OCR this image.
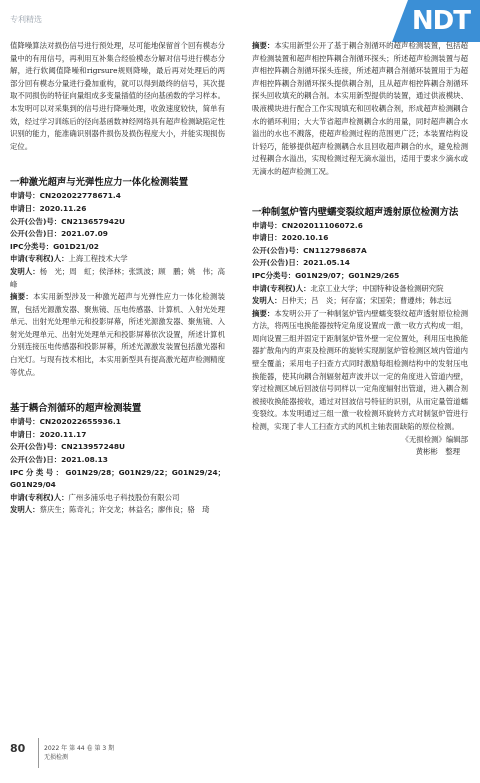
专利精选	NDT

值降噪算法对损伤信号进行预处理，尽可能地保留首个回有模态分量中的有用信号，再利用互补集合经验模态分解对信号进行模态分解，进行软阈值降噪和rigrsure规则降噪，最后再对处理后的两部分回有模态分量进行叠加重构，就可以得到最终的信号，其次提取不同损伤的特征向量组成多变量插值的径向基函数的学习样本。本发明可以对采集到的信号进行降噪处理，收敛速度较快，简单有效，经过学习训练后的径向基函数神经网络具有超声检测缺陷定性识别的能力，能准确识别器件损伤及损伤程度大小，并能实现损伤定位。

一种激光超声与光弹性应力一体化检测装置

申请号：CN202022778671.4

申请日：2020.11.26

公开(公告)号：CN213657942U

公开(公告)日：2021.07.09

IPC分类号：G01D21/02

申请(专利权)人：上海工程技术大学

发明人：杨　光；周　虹；侯泽林；张凯波；顾　鹏；姚　伟；高　峰

摘要：本实用新型涉及一种激光超声与光弹性应力一体化检测装置，包括光源激发器、聚焦镜、压电传感器、计算机、入射光处理单元、出射光处理单元和投影屏幕，所述光源激发器、聚焦镜、入射光处理单元、出射光处理单元和投影屏幕依次设置，所述计算机分别连接压电传感器和投影屏幕，所述光源激发装置包括激光器和白光灯。与现有技术相比，本实用新型具有提高激光超声检测精度等优点。

基于耦合剂循环的超声检测装置

申请号：CN202022655936.1

申请日：2020.11.17

公开(公告)号：CN213957248U

公开(公告)日：2021.08.13

IPC分类号：G01N29/28；G01N29/22；G01N29/24；G01N29/04

申请(专利权)人：广州多浦乐电子科技股份有限公司

发明人：蔡庆生；陈奇礼；许交龙；林益名；廖伟良；骆　琦

摘要：本实用新型公开了基于耦合剂循环的超声检测装置，包括超声检测装置和超声相控阵耦合剂循环探头；所述超声检测装置与超声相控阵耦合剂循环探头连接，所述超声耦合剂循环装置用于为超声相控阵耦合剂循环探头提供耦合剂，且从超声相控阵耦合剂循环探头回收填充的耦合剂。本实用新型提供的装置，通过供液模块、吸液模块进行配合工作实现填充和回收耦合剂，形成超声检测耦合水的循环利用；大大节省超声检测耦合水的用量，同时超声耦合水溢出的水也不溅落，使超声检测过程的范围更广泛；本装置结构设计轻巧，能够提供超声检测耦合水且回收超声耦合的水，避免检测过程耦合水溢出，实现检测过程无滴水溢出，适用于要求少滴水或无滴水的超声检测工况。

一种制氢炉管内壁蠕变裂纹超声透射原位检测方法

申请号：CN202011106072.6

申请日：2020.10.16

公开(公告)号：CN112798687A

公开(公告)日：2021.05.14

IPC分类号：G01N29/07；G01N29/265

申请(专利权)人：北京工业大学；中国特种设备检测研究院

发明人：吕仲天；吕　炎；何存富；宋国荣；曹遵炜；韩志远

摘要：本发明公开了一种制氢炉管内壁蠕变裂纹超声透射原位检测方法，将两压电换能器按特定角度设置成一激一收方式构成一组，周向设置三组并固定于距制氢炉管外壁一定位置处，利用压电换能器扩散角内的声束及检测环的旋转实现制氢炉管检测区域内管道内壁全覆盖；采用电子扫查方式同时激励每组检测结构中的发射压电换能器，使其向耦合剂辐射超声波并以一定的角度进入管道内壁，穿过检测区域后回波信号同样以一定角度辐射出管道，进入耦合剂被接收换能器接收，通过对回波信号特征的识别，从而定量管道蠕变裂纹。本发明通过三组一激一收检测环旋转方式对制氢炉管进行检测，实现了非人工扫查方式的风机主轴表面缺陷的原位检测。

《无损检测》编辑部

黄彬彬　整理

80	2022 年 第 44 卷 第 3 期
无损检测
